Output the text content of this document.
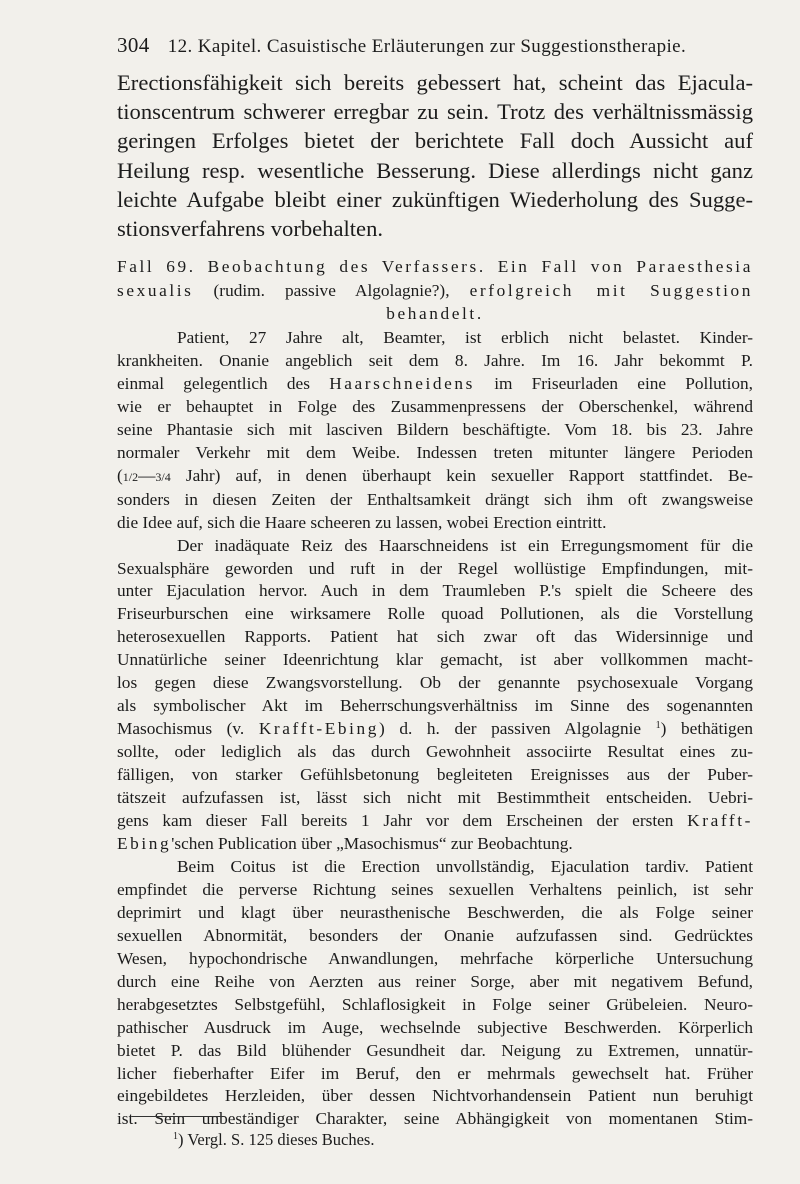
304 12. Kapitel. Casuistische Erläuterungen zur Suggestionstherapie.
Erectionsfähigkeit sich bereits gebessert hat, scheint das Ejacula-
tionscentrum schwerer erregbar zu sein. Trotz des verhältnissmässig
geringen Erfolges bietet der berichtete Fall doch Aussicht auf
Heilung resp. wesentliche Besserung. Diese allerdings nicht ganz
leichte Aufgabe bleibt einer zukünftigen Wiederholung des Sugge-
stionsverfahrens vorbehalten.
Fall 69. Beobachtung des Verfassers. Ein Fall von Paraesthesia
sexualis (rudim. passive Algolagnie?), erfolgreich mit Suggestion
behandelt.
Patient, 27 Jahre alt, Beamter, ist erblich nicht belastet. Kinder-
krankheiten. Onanie angeblich seit dem 8. Jahre. Im 16. Jahr bekommt P.
einmal gelegentlich des Haarschneidens im Friseurladen eine Pollution,
wie er behauptet in Folge des Zusammenpressens der Oberschenkel, während
seine Phantasie sich mit lasciven Bildern beschäftigte. Vom 18. bis 23. Jahre
normaler Verkehr mit dem Weibe. Indessen treten mitunter längere Perioden
(1/2—3/4 Jahr) auf, in denen überhaupt kein sexueller Rapport stattfindet. Be-
sonders in diesen Zeiten der Enthaltsamkeit drängt sich ihm oft zwangsweise
die Idee auf, sich die Haare scheeren zu lassen, wobei Erection eintritt.
Der inadäquate Reiz des Haarschneidens ist ein Erregungsmoment für die
Sexualsphäre geworden und ruft in der Regel wollüstige Empfindungen, mit-
unter Ejaculation hervor. Auch in dem Traumleben P.'s spielt die Scheere des
Friseurburschen eine wirksamere Rolle quoad Pollutionen, als die Vorstellung
heterosexuellen Rapports. Patient hat sich zwar oft das Widersinnige und
Unnatürliche seiner Ideenrichtung klar gemacht, ist aber vollkommen macht-
los gegen diese Zwangsvorstellung. Ob der genannte psychosexuale Vorgang
als symbolischer Akt im Beherrschungsverhältniss im Sinne des sogenannten
Masochismus (v. Krafft-Ebing) d. h. der passiven Algolagnie $^1$) bethätigen
sollte, oder lediglich als das durch Gewohnheit associirte Resultat eines zu-
fälligen, von starker Gefühlsbetonung begleiteten Ereignisses aus der Puber-
tätszeit aufzufassen ist, lässt sich nicht mit Bestimmtheit entscheiden. Uebri-
gens kam dieser Fall bereits 1 Jahr vor dem Erscheinen der ersten Krafft-
Ebing'schen Publication über „Masochismus“ zur Beobachtung.
Beim Coitus ist die Erection unvollständig, Ejaculation tardiv. Patient
empfindet die perverse Richtung seines sexuellen Verhaltens peinlich, ist sehr
deprimirt und klagt über neurasthenische Beschwerden, die als Folge seiner
sexuellen Abnormität, besonders der Onanie aufzufassen sind. Gedrücktes
Wesen, hypochondrische Anwandlungen, mehrfache körperliche Untersuchung
durch eine Reihe von Aerzten aus reiner Sorge, aber mit negativem Befund,
herabgesetztes Selbstgefühl, Schlaflosigkeit in Folge seiner Grübeleien. Neuro-
pathischer Ausdruck im Auge, wechselnde subjective Beschwerden. Körperlich
bietet P. das Bild blühender Gesundheit dar. Neigung zu Extremen, unnatür-
licher fieberhafter Eifer im Beruf, den er mehrmals gewechselt hat. Früher
eingebildetes Herzleiden, über dessen Nichtvorhandensein Patient nun beruhigt
ist. Sein unbeständiger Charakter, seine Abhängigkeit von momentanen Stim-
$^1$) Vergl. S. 125 dieses Buches.
